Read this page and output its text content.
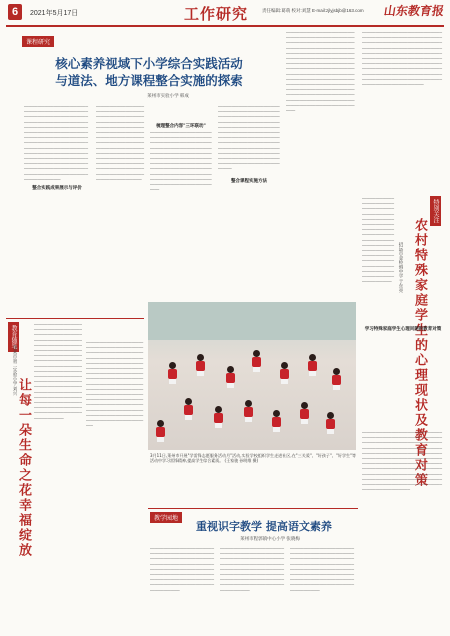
6	2021年5月17日	工作研究	责任编辑:葛萌 校对:刘慧 E-mail:zjlyjsbjb@163.com	山东教育报
课程研究
核心素养视域下小学综合实践活动
与道法、地方课程整合实施的探索
莱州市实验小学 韩成
────────────────────────────────────────────────────────────────────────────────────────────────────────────────────────────────────────────────────────────────────────────────────────────────────────────────────────────────────────────────────────────────────────────────────────────────────────────────────────────────────────────────────────────────────────────────────────────────────────────────────────
──────────────────────────────────────────────────────────────────────────────────────────────────────────────────────────────────────────────────────────────────────────────────────────────────────────────────────────────────────────────────────────────────────────────────────────────────────────────────────────
梳理整合内容"三环联动"
─────────────────────────────────────────────────────────────────────────────────────────────────────────────────────────────────────────────────────────────────────────────────────────────────────────────────────────────────────────────────────────────────────────────────────────────────────────────
整合课程实施方法
──────────────────────────────────────────────────────────────────────────────────────────────────────────────────────────────────────────────────────────────────────────────────────────────────────────────────────────────────────────────────────────────────────────────────────────────────────────────────────────────────────────
──────────────────────────────────────────────────────────────────────────────────────────────────────────────────────────────────────────────────────────────────────────────────────────────────────────────────────────────────────────────────────────────────────────────────────────────────────────────────────────────────────────────────────────────────────────────────────────────────────────────────────────────────────────────────────────────────────
整合实践成果展示与评价
3月11日,莱州市开展"学雷锋志愿服务活动月"活动,实验学校组织学生走进社区,在"三关爱"、"好孩子"、"好学生"等活动中学习雷锋精神,提高学生综合素质。 (王家骏 孙明维 摄)
教育随笔
让每一朵生命之花幸福绽放
蓬莱市第二实验小学 刘兴
───────────────────────────────────────────────────────────────────────────────────────────────────────────────────────────────────────────────────────────────────────────────────────────────────────────────────────────────────────────────────────────────────────────────────────────────────────────────────────────────────────────────────────────────────────────────────────────────────────
───────────────────────────────────────────────────────────────────────────────────────────────────────────────────────────────────────────────────────────────────────────────────────────────────────────────────────────────────────────────────────────────────────────────────────────────────────────────────────────────────────────────────────────────────────────────────────────────────────────────────
特别关注
农村特殊家庭学生的心理现状及教育对策
招远市金岭镇中学 于东亮
─────────────────────────────────────────────────────────────────────────────────────────────────────────────────────────────────────────────────────────────────────────────────────────────────────────────────────────────────────────────────────────────────────────────────────────────────────────────────────────────────────────────────────────────────────────────────────────
─────────────────────────────────────────────────────────────────────────────────────────────────────────────────────────────────────────────────────────────────────────────────────────────────────────────────────────────────────────────
学习特殊家庭学生心理问题的教育对策
──────────────────────────────────────────────────────────────────────────────────────────────────────────────────────────────────────────────────────────────────────────────────────────────────────────────────────────────────────────────────────────────────────────────────────────────────────────────────────────────────────────────────────────────────────────────────────────────────────────────────────
教学园地
重视识字教学 提高语文素养
莱州市程郭镇中心小学 张晓梅
─────────────────────────────────────────────────────────────────────────────────────────────────────────────────────────────────────────────────────────────────────────────────────────────────────────────────────────────────────────────
─────────────────────────────────────────────────────────────────────────────────────────────────────────────────────────────────────────────────────────────────────────────────────────────────────────────────────────────────────────────
─────────────────────────────────────────────────────────────────────────────────────────────────────────────────────────────────────────────────────────────────────────────────────────────────────────────────────────────────────────────
